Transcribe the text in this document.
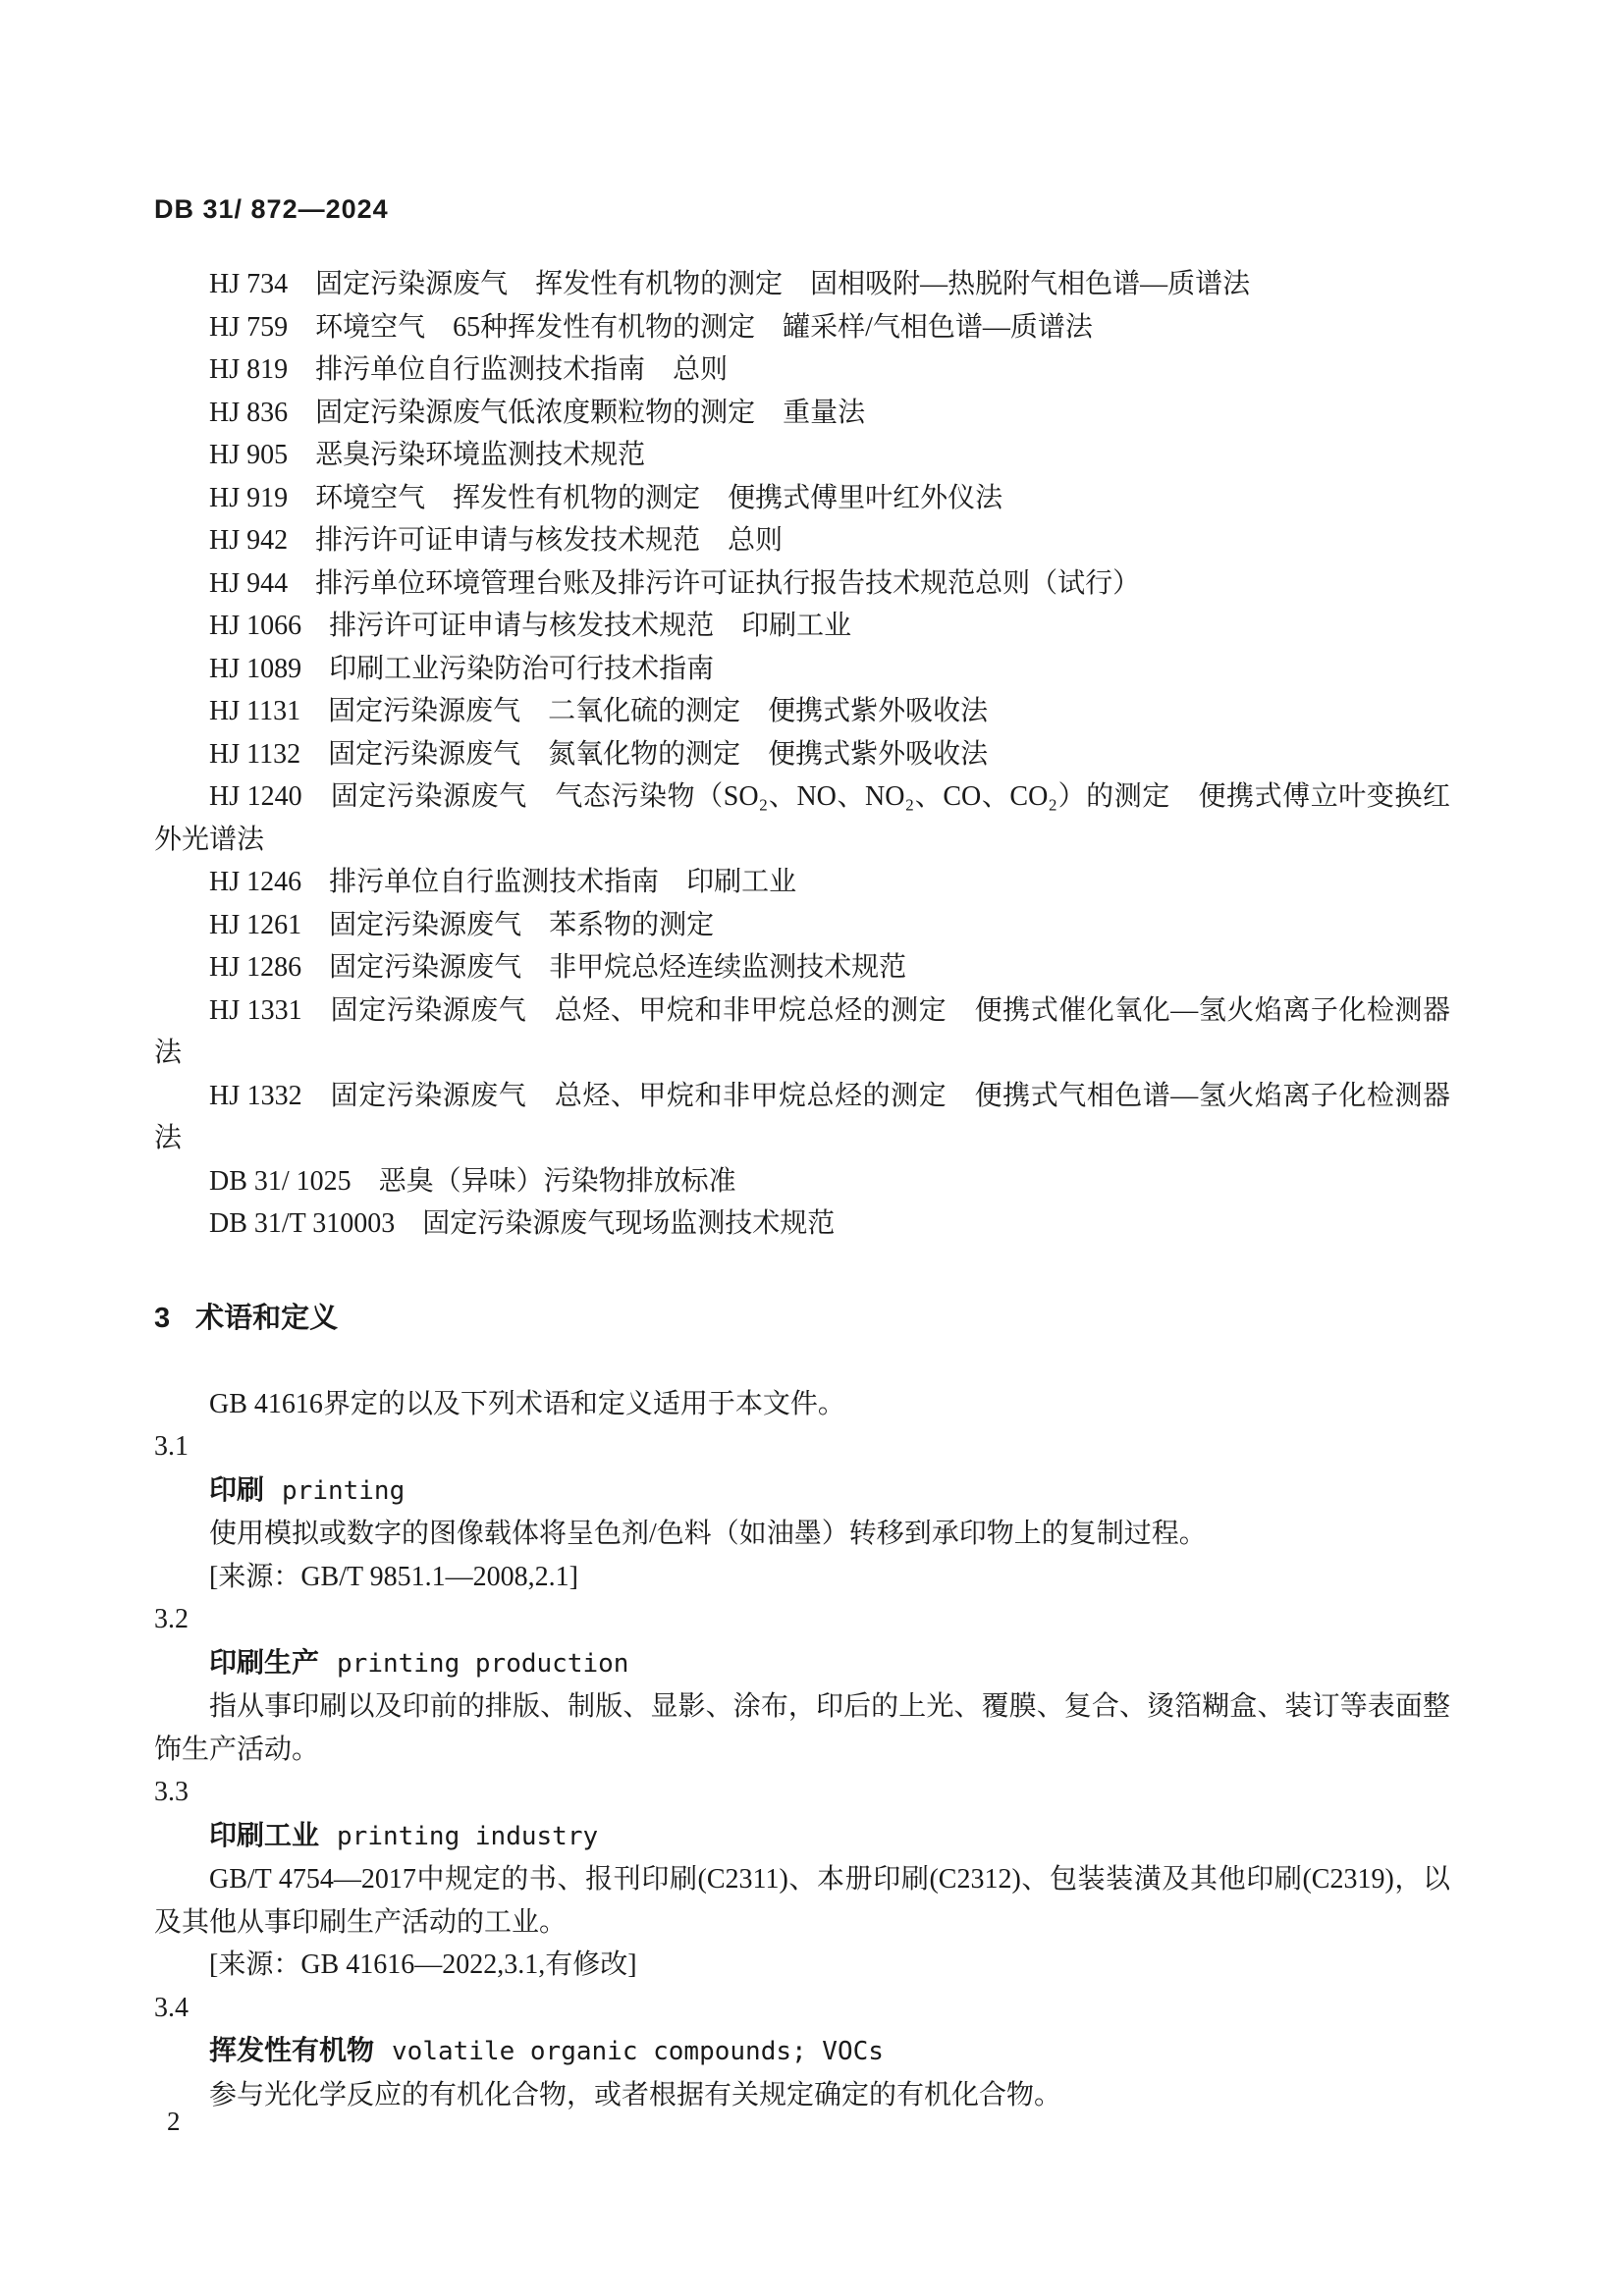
DB 31/ 872—2024

HJ 734　固定污染源废气　挥发性有机物的测定　固相吸附—热脱附气相色谱—质谱法

HJ 759　环境空气　65种挥发性有机物的测定　罐采样/气相色谱—质谱法

HJ 819　排污单位自行监测技术指南　总则

HJ 836　固定污染源废气低浓度颗粒物的测定　重量法

HJ 905　恶臭污染环境监测技术规范

HJ 919　环境空气　挥发性有机物的测定　便携式傅里叶红外仪法

HJ 942　排污许可证申请与核发技术规范　总则

HJ 944　排污单位环境管理台账及排污许可证执行报告技术规范总则（试行）

HJ 1066　排污许可证申请与核发技术规范　印刷工业

HJ 1089　印刷工业污染防治可行技术指南

HJ 1131　固定污染源废气　二氧化硫的测定　便携式紫外吸收法

HJ 1132　固定污染源废气　氮氧化物的测定　便携式紫外吸收法

HJ 1240　固定污染源废气　气态污染物（SO₂、NO、NO₂、CO、CO₂）的测定　便携式傅立叶变换红外光谱法

HJ 1246　排污单位自行监测技术指南　印刷工业

HJ 1261　固定污染源废气　苯系物的测定

HJ 1286　固定污染源废气　非甲烷总烃连续监测技术规范

HJ 1331　固定污染源废气　总烃、甲烷和非甲烷总烃的测定　便携式催化氧化—氢火焰离子化检测器法

HJ 1332　固定污染源废气　总烃、甲烷和非甲烷总烃的测定　便携式气相色谱—氢火焰离子化检测器法

DB 31/ 1025　恶臭（异味）污染物排放标准

DB 31/T 310003　固定污染源废气现场监测技术规范

3 术语和定义

GB 41616界定的以及下列术语和定义适用于本文件。

3.1

印刷 printing

使用模拟或数字的图像载体将呈色剂/色料（如油墨）转移到承印物上的复制过程。

[来源：GB/T 9851.1—2008,2.1]

3.2

印刷生产 printing production

指从事印刷以及印前的排版、制版、显影、涂布，印后的上光、覆膜、复合、烫箔糊盒、装订等表面整饰生产活动。

3.3

印刷工业 printing industry

GB/T 4754—2017中规定的书、报刊印刷(C2311)、本册印刷(C2312)、包装装潢及其他印刷(C2319)，以及其他从事印刷生产活动的工业。

[来源：GB 41616—2022,3.1,有修改]

3.4

挥发性有机物 volatile organic compounds; VOCs

参与光化学反应的有机化合物，或者根据有关规定确定的有机化合物。

2
